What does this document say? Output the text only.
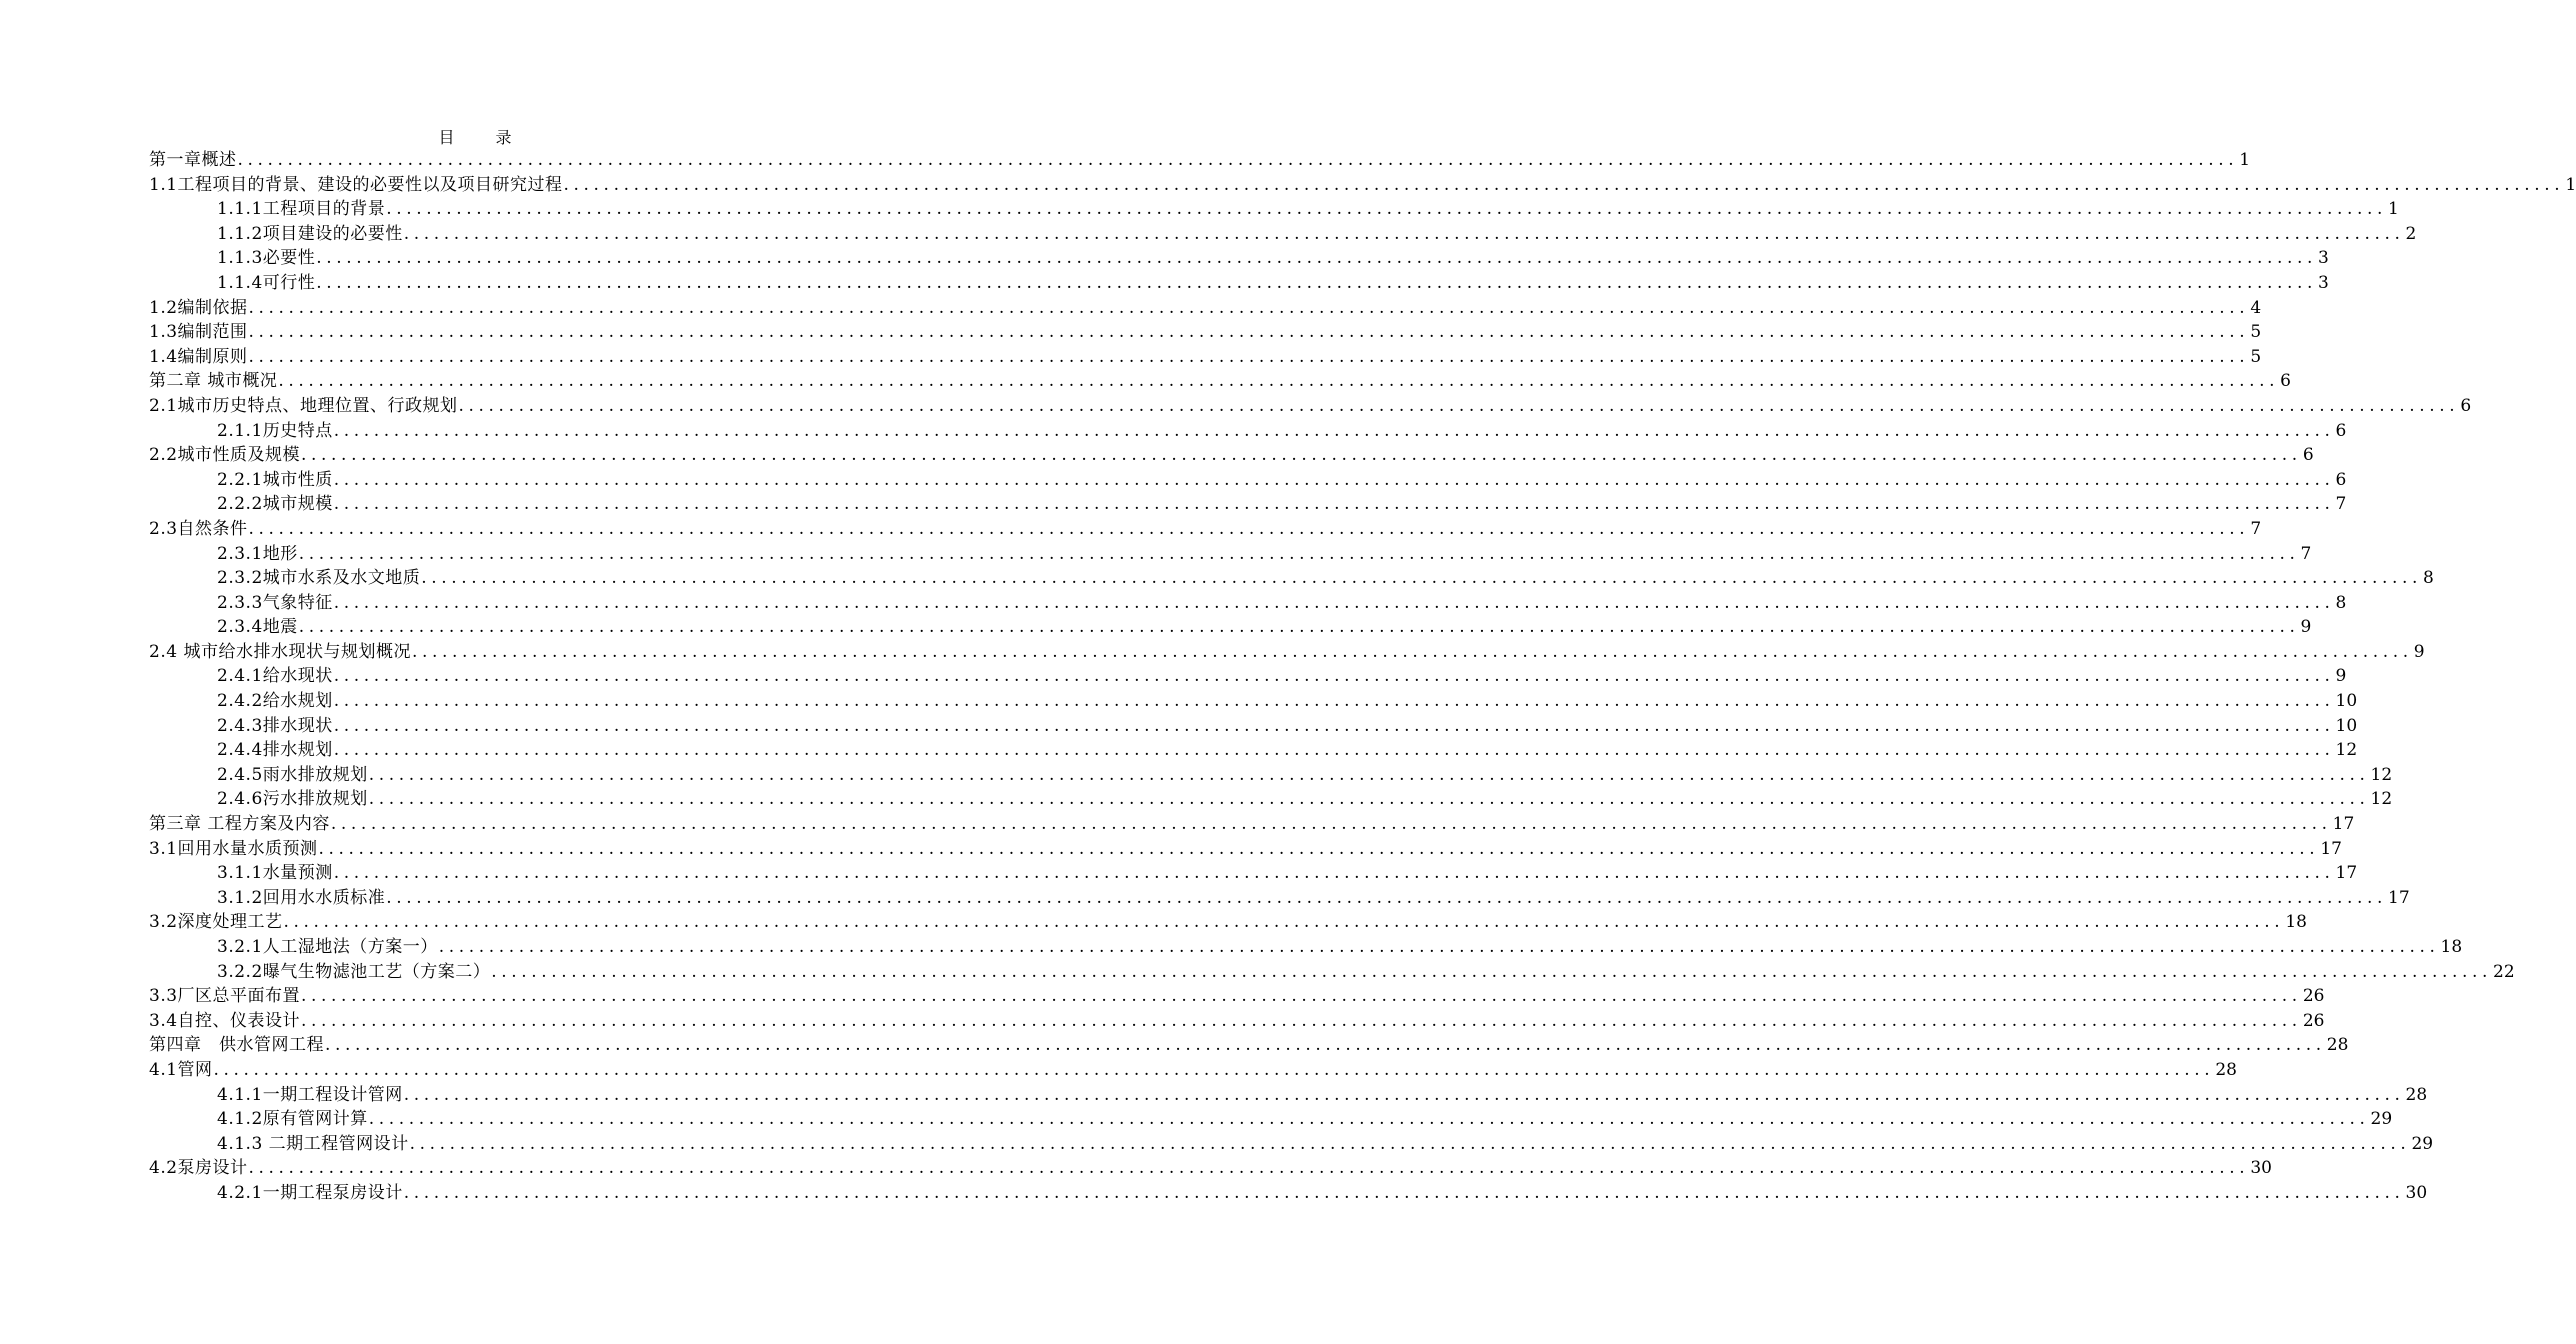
目 录
第一章概述 ........................................................................................................................................................................................................ 1
1.1工程项目的背景、建设的必要性以及项目研究过程 ........................................................................................................................................................................................................ 1
1.1.1工程项目的背景 ........................................................................................................................................................................................................ 1
1.1.2项目建设的必要性 ........................................................................................................................................................................................................ 2
1.1.3必要性 ........................................................................................................................................................................................................ 3
1.1.4可行性 ........................................................................................................................................................................................................ 3
1.2编制依据 ........................................................................................................................................................................................................ 4
1.3编制范围 ........................................................................................................................................................................................................ 5
1.4编制原则 ........................................................................................................................................................................................................ 5
第二章 城市概况 ........................................................................................................................................................................................................ 6
2.1城市历史特点、地理位置、行政规划 ........................................................................................................................................................................................................ 6
2.1.1历史特点 ........................................................................................................................................................................................................ 6
2.2城市性质及规模 ........................................................................................................................................................................................................ 6
2.2.1城市性质 ........................................................................................................................................................................................................ 6
2.2.2城市规模 ........................................................................................................................................................................................................ 7
2.3自然条件 ........................................................................................................................................................................................................ 7
2.3.1地形 ........................................................................................................................................................................................................ 7
2.3.2城市水系及水文地质 ........................................................................................................................................................................................................ 8
2.3.3气象特征 ........................................................................................................................................................................................................ 8
2.3.4地震 ........................................................................................................................................................................................................ 9
2.4 城市给水排水现状与规划概况 ........................................................................................................................................................................................................ 9
2.4.1给水现状 ........................................................................................................................................................................................................ 9
2.4.2给水规划 ........................................................................................................................................................................................................ 10
2.4.3排水现状 ........................................................................................................................................................................................................ 10
2.4.4排水规划 ........................................................................................................................................................................................................ 12
2.4.5雨水排放规划 ........................................................................................................................................................................................................ 12
2.4.6污水排放规划 ........................................................................................................................................................................................................ 12
第三章 工程方案及内容 ........................................................................................................................................................................................................ 17
3.1回用水量水质预测 ........................................................................................................................................................................................................ 17
3.1.1水量预测 ........................................................................................................................................................................................................ 17
3.1.2回用水水质标准 ........................................................................................................................................................................................................ 17
3.2深度处理工艺 ........................................................................................................................................................................................................ 18
3.2.1人工湿地法（方案一） ........................................................................................................................................................................................................ 18
3.2.2曝气生物滤池工艺（方案二） ........................................................................................................................................................................................................ 22
3.3厂区总平面布置 ........................................................................................................................................................................................................ 26
3.4自控、仪表设计 ........................................................................................................................................................................................................ 26
第四章　供水管网工程 ........................................................................................................................................................................................................ 28
4.1管网 ........................................................................................................................................................................................................ 28
4.1.1一期工程设计管网 ........................................................................................................................................................................................................ 28
4.1.2原有管网计算 ........................................................................................................................................................................................................ 29
4.1.3 二期工程管网设计 ........................................................................................................................................................................................................ 29
4.2泵房设计 ........................................................................................................................................................................................................ 30
4.2.1一期工程泵房设计 ........................................................................................................................................................................................................ 30
